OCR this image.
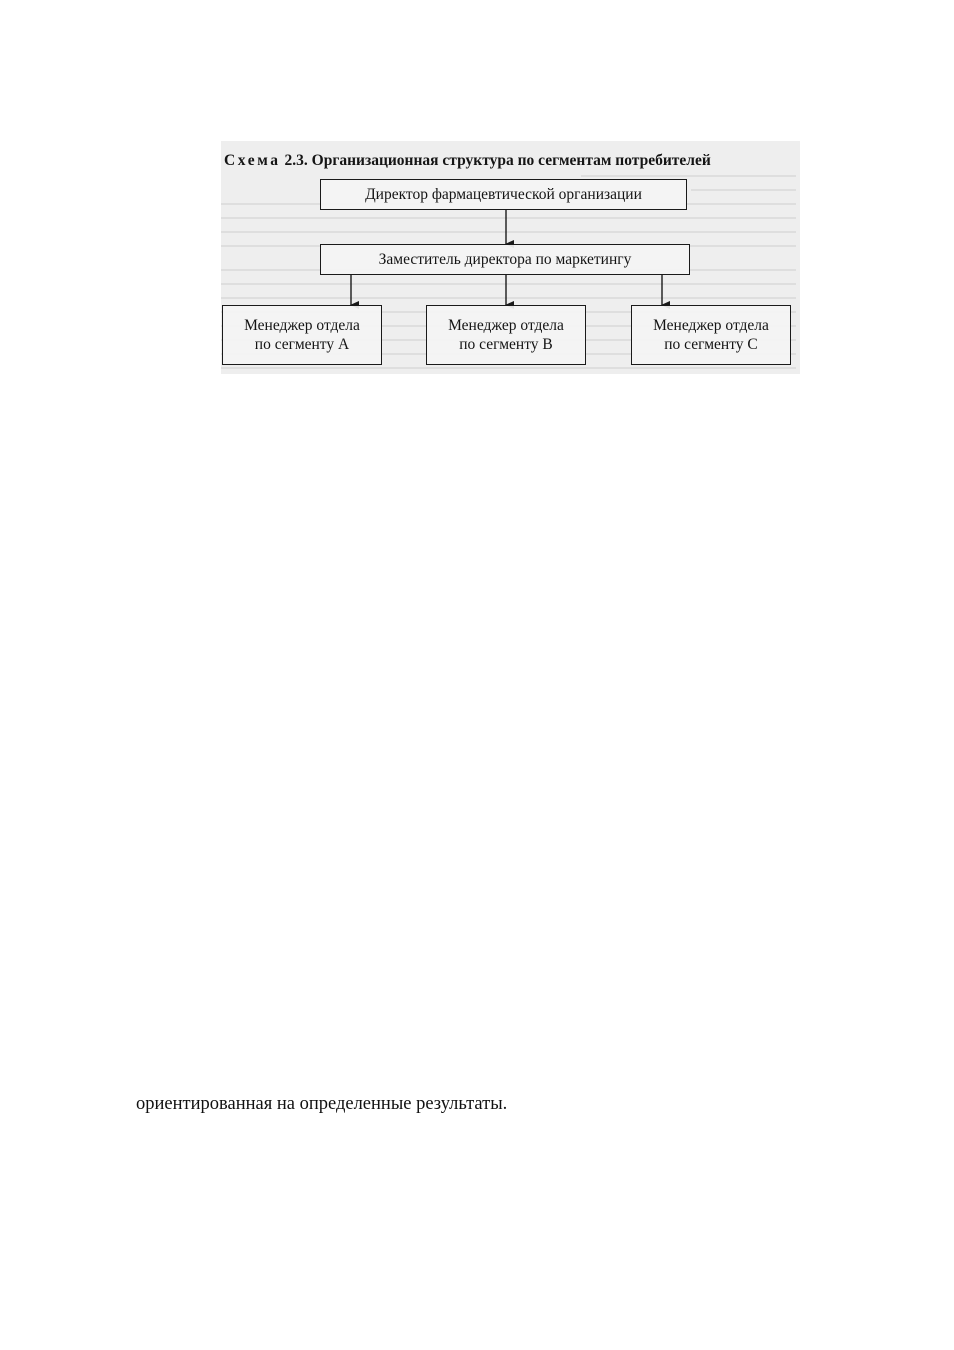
Схема 2.3. Организационная структура по сегментам потребителей
Директор фармацевтической организации
Заместитель директора по маркетингу
Менеджер отдела
по сегменту А
Менеджер отдела
по сегменту В
Менеджер отдела
по сегменту С
ориентированная на определенные результаты.
